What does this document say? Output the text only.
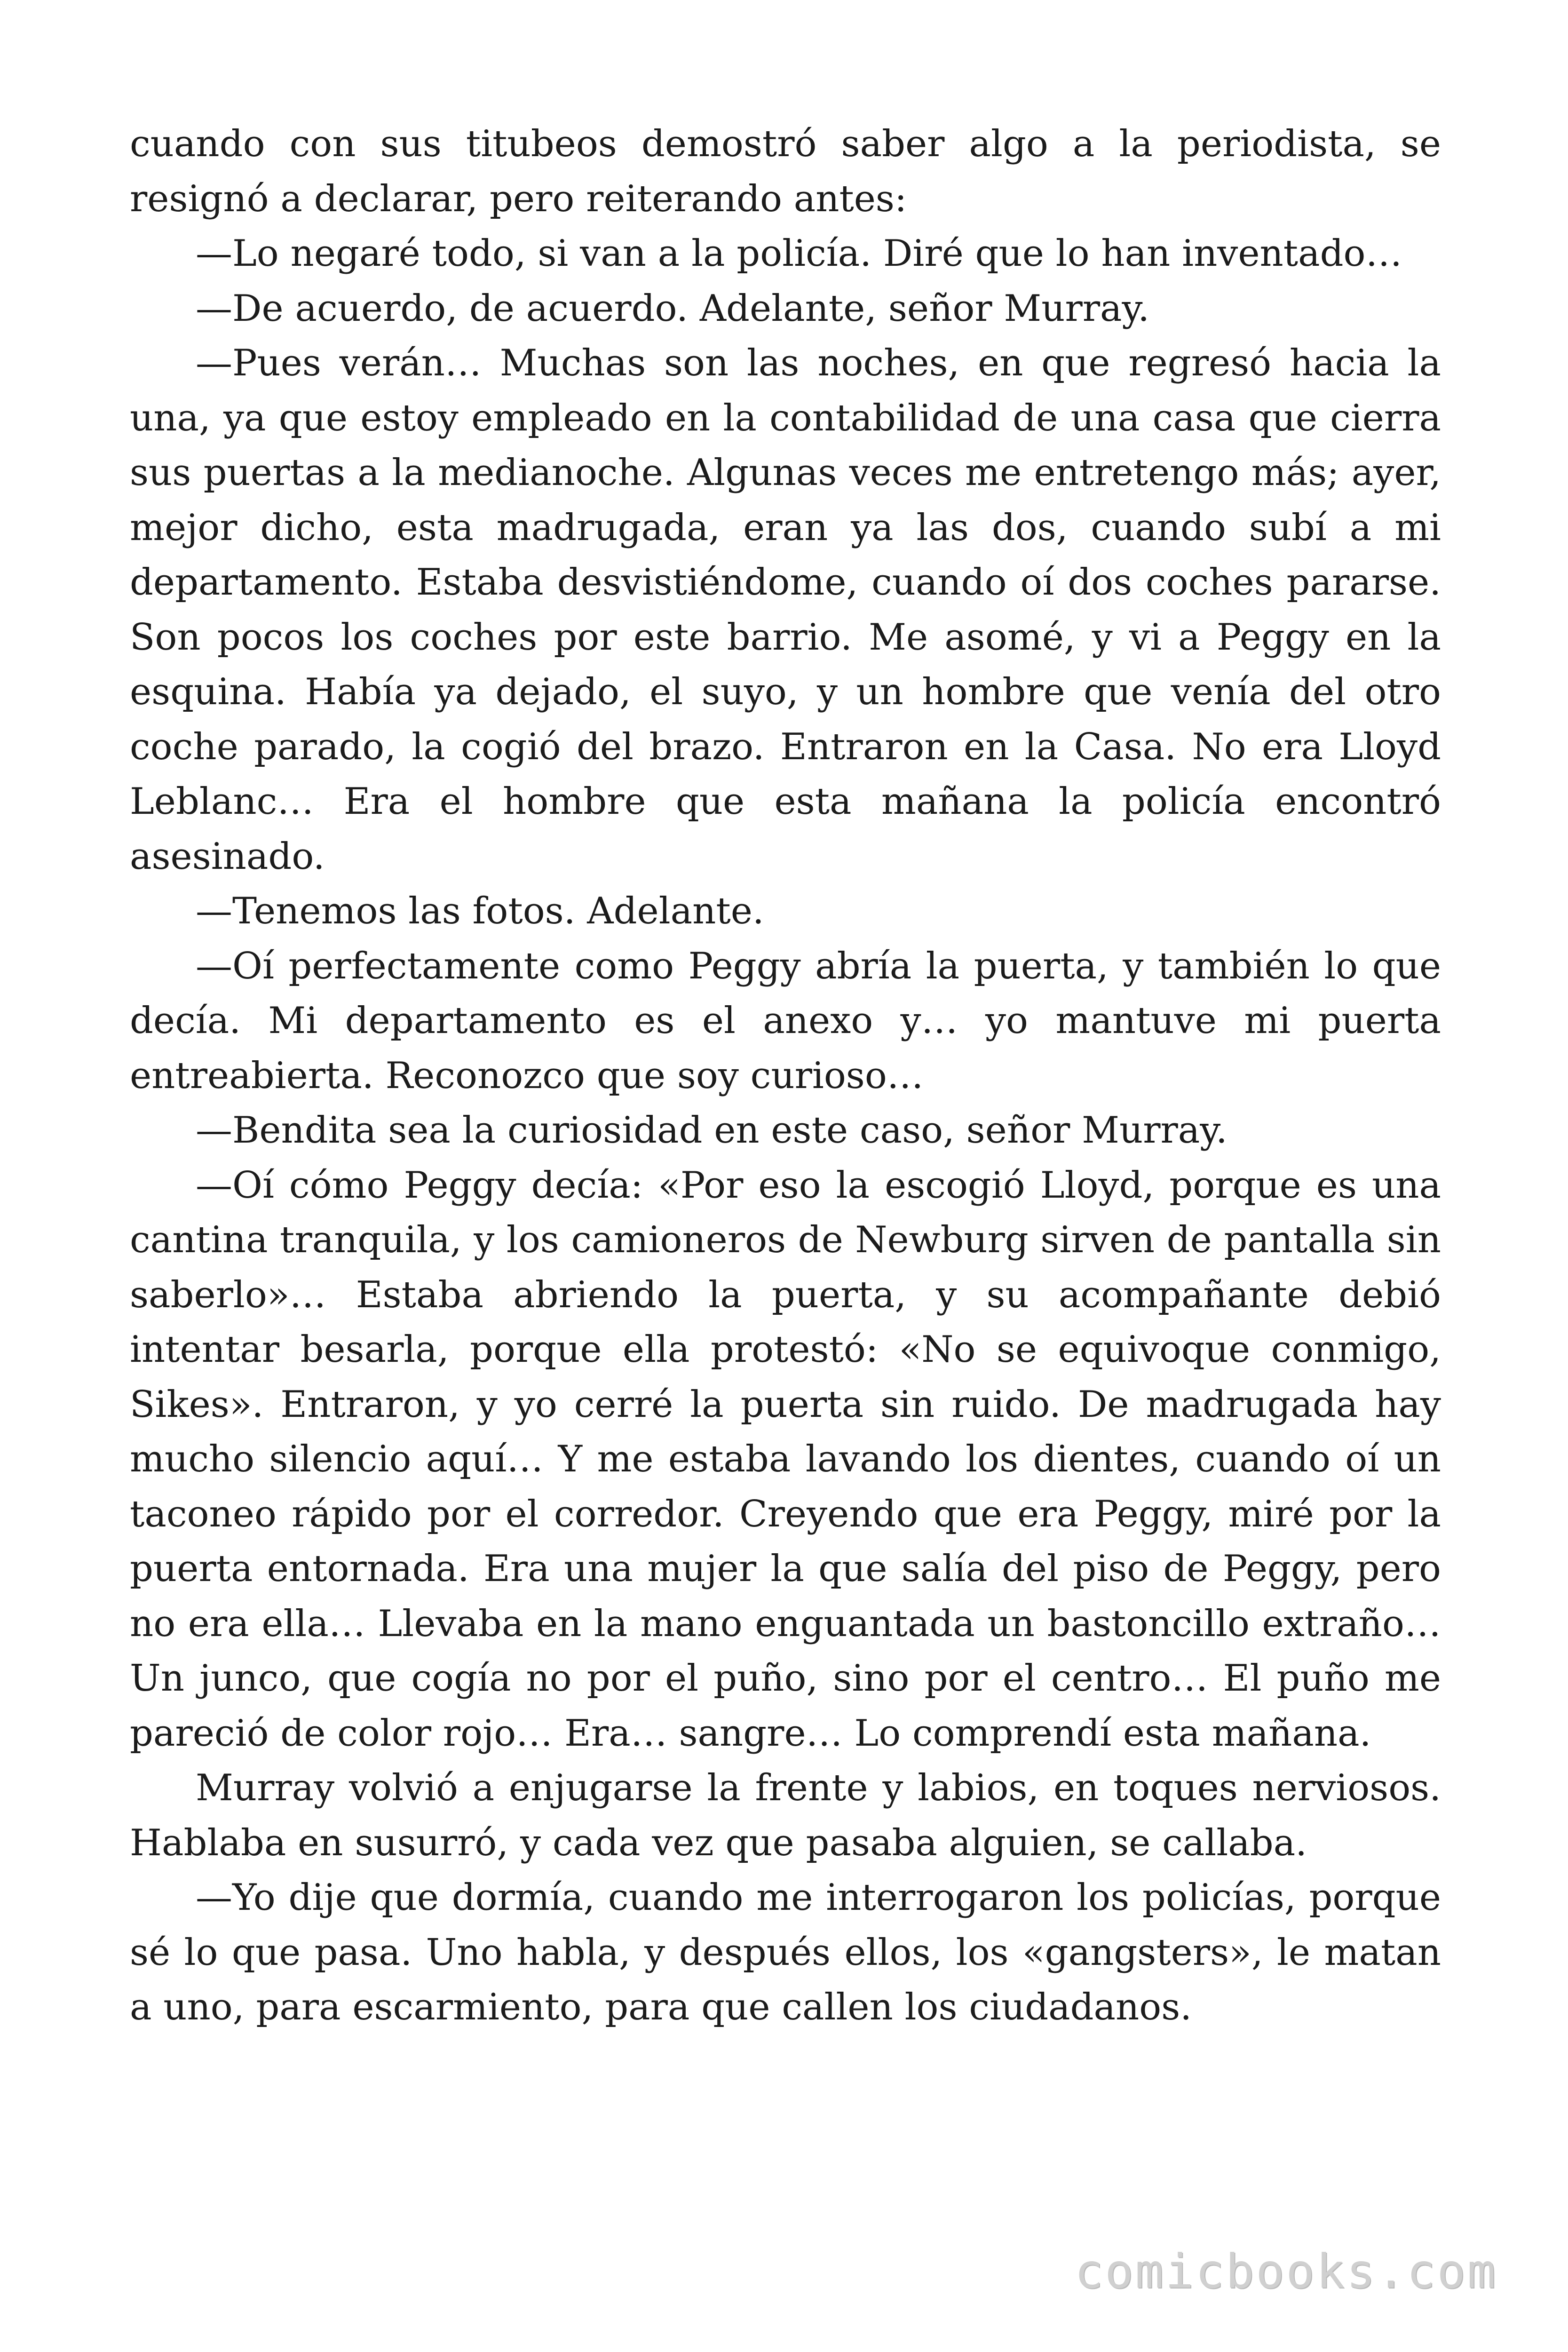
cuando con sus titubeos demostró saber algo a la periodista, se resignó a declarar, pero reiterando antes:

—Lo negaré todo, si van a la policía. Diré que lo han inventado…

—De acuerdo, de acuerdo. Adelante, señor Murray.

—Pues verán… Muchas son las noches, en que regresó hacia la una, ya que estoy empleado en la contabilidad de una casa que cierra sus puertas a la medianoche. Algunas veces me entretengo más; ayer, mejor dicho, esta madrugada, eran ya las dos, cuando subí a mi departamento. Estaba desvistiéndome, cuando oí dos coches pararse. Son pocos los coches por este barrio. Me asomé, y vi a Peggy en la esquina. Había ya dejado, el suyo, y un hombre que venía del otro coche parado, la cogió del brazo. Entraron en la Casa. No era Lloyd Leblanc… Era el hombre que esta mañana la policía encontró asesinado.

—Tenemos las fotos. Adelante.

—Oí perfectamente como Peggy abría la puerta, y también lo que decía. Mi departamento es el anexo y… yo mantuve mi puerta entreabierta. Reconozco que soy curioso…

—Bendita sea la curiosidad en este caso, señor Murray.

—Oí cómo Peggy decía: «Por eso la escogió Lloyd, porque es una cantina tranquila, y los camioneros de Newburg sirven de pantalla sin saberlo»… Estaba abriendo la puerta, y su acompañante debió intentar besarla, porque ella protestó: «No se equivoque conmigo, Sikes». Entraron, y yo cerré la puerta sin ruido. De madrugada hay mucho silencio aquí… Y me estaba lavando los dientes, cuando oí un taconeo rápido por el corredor. Creyendo que era Peggy, miré por la puerta entornada. Era una mujer la que salía del piso de Peggy, pero no era ella… Llevaba en la mano enguantada un bastoncillo extraño… Un junco, que cogía no por el puño, sino por el centro… El puño me pareció de color rojo… Era… sangre… Lo comprendí esta mañana.

Murray volvió a enjugarse la frente y labios, en toques nerviosos. Hablaba en susurró, y cada vez que pasaba alguien, se callaba.

—Yo dije que dormía, cuando me interrogaron los policías, porque sé lo que pasa. Uno habla, y después ellos, los «gangsters», le matan a uno, para escarmiento, para que callen los ciudadanos.

comicbooks.com
